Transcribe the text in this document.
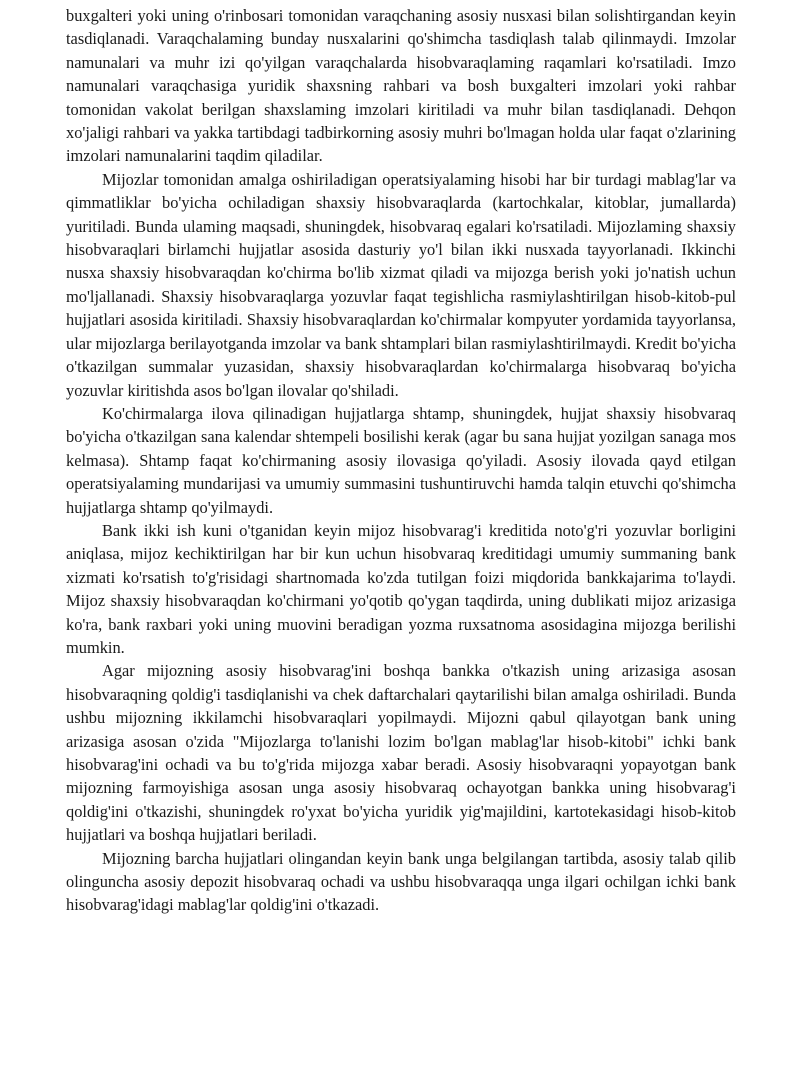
buxgalteri yoki uning o'rinbosari tomonidan varaqchaning asosiy nusxasi bilan solishtirgandan keyin tasdiqlanadi. Varaqchalaming bunday nusxalarini qo'shimcha tasdiqlash talab qilinmaydi. Imzolar namunalari va muhr izi qo'yilgan varaqchalarda hisobvaraqlaming raqamlari ko'rsatiladi. Imzo namunalari varaqchasiga yuridik shaxsning rahbari va bosh buxgalteri imzolari yoki rahbar tomonidan vakolat berilgan shaxslaming imzolari kiritiladi va muhr bilan tasdiqlanadi. Dehqon xo'jaligi rahbari va yakka tartibdagi tadbirkorning asosiy muhri bo'lmagan holda ular faqat o'zlarining imzolari namunalarini taqdim qiladilar.

Mijozlar tomonidan amalga oshiriladigan operatsiyalaming hisobi har bir turdagi mablag'lar va qimmatliklar bo'yicha ochiladigan shaxsiy hisobvaraqlarda (kartochkalar, kitoblar, jumallarda) yuritiladi. Bunda ulaming maqsadi, shuningdek, hisobvaraq egalari ko'rsatiladi. Mijozlaming shaxsiy hisobvaraqlari birlamchi hujjatlar asosida dasturiy yo'l bilan ikki nusxada tayyorlanadi. Ikkinchi nusxa shaxsiy hisobvaraqdan ko'chirma bo'lib xizmat qiladi va mijozga berish yoki jo'natish uchun mo'ljallanadi. Shaxsiy hisobvaraqlarga yozuvlar faqat tegishlicha rasmiylashtirilgan hisob-kitob-pul hujjatlari asosida kiritiladi. Shaxsiy hisobvaraqlardan ko'chirmalar kompyuter yordamida tayyorlansa, ular mijozlarga berilayotganda imzolar va bank shtamplari bilan rasmiylashtirilmaydi. Kredit bo'yicha o'tkazilgan summalar yuzasidan, shaxsiy hisobvaraqlardan ko'chirmalarga hisobvaraq bo'yicha yozuvlar kiritishda asos bo'lgan ilovalar qo'shiladi.

Ko'chirmalarga ilova qilinadigan hujjatlarga shtamp, shuningdek, hujjat shaxsiy hisobvaraq bo'yicha o'tkazilgan sana kalendar shtempeli bosilishi kerak (agar bu sana hujjat yozilgan sanaga mos kelmasa). Shtamp faqat ko'chirmaning asosiy ilovasiga qo'yiladi. Asosiy ilovada qayd etilgan operatsiyalaming mundarijasi va umumiy summasini tushuntiruvchi hamda talqin etuvchi qo'shimcha hujjatlarga shtamp qo'yilmaydi.

Bank ikki ish kuni o'tganidan keyin mijoz hisobvarag'i kreditida noto'g'ri yozuvlar borligini aniqlasa, mijoz kechiktirilgan har bir kun uchun hisobvaraq kreditidagi umumiy summaning bank xizmati ko'rsatish to'g'risidagi shartnomada ko'zda tutilgan foizi miqdorida bankkajarima to'laydi. Mijoz shaxsiy hisobvaraqdan ko'chirmani yo'qotib qo'ygan taqdirda, uning dublikati mijoz arizasiga ko'ra, bank raxbari yoki uning muovini beradigan yozma ruxsatnoma asosidagina mijozga berilishi mumkin.

Agar mijozning asosiy hisobvarag'ini boshqa bankka o'tkazish uning arizasiga asosan hisobvaraqning qoldig'i tasdiqlanishi va chek daftarchalari qaytarilishi bilan amalga oshiriladi. Bunda ushbu mijozning ikkilamchi hisobvaraqlari yopilmaydi. Mijozni qabul qilayotgan bank uning arizasiga asosan o'zida "Mijozlarga to'lanishi lozim bo'lgan mablag'lar hisob-kitobi" ichki bank hisobvarag'ini ochadi va bu to'g'rida mijozga xabar beradi. Asosiy hisobvaraqni yopayotgan bank mijozning farmoyishiga asosan unga asosiy hisobvaraq ochayotgan bankka uning hisobvarag'i qoldig'ini o'tkazishi, shuningdek ro'yxat bo'yicha yuridik yig'majildini, kartotekasidagi hisob-kitob hujjatlari va boshqa hujjatlari beriladi.

Mijozning barcha hujjatlari olingandan keyin bank unga belgilangan tartibda, asosiy talab qilib olinguncha asosiy depozit hisobvaraq ochadi va ushbu hisobvaraqqa unga ilgari ochilgan ichki bank hisobvarag'idagi mablag'lar qoldig'ini o'tkazadi.
